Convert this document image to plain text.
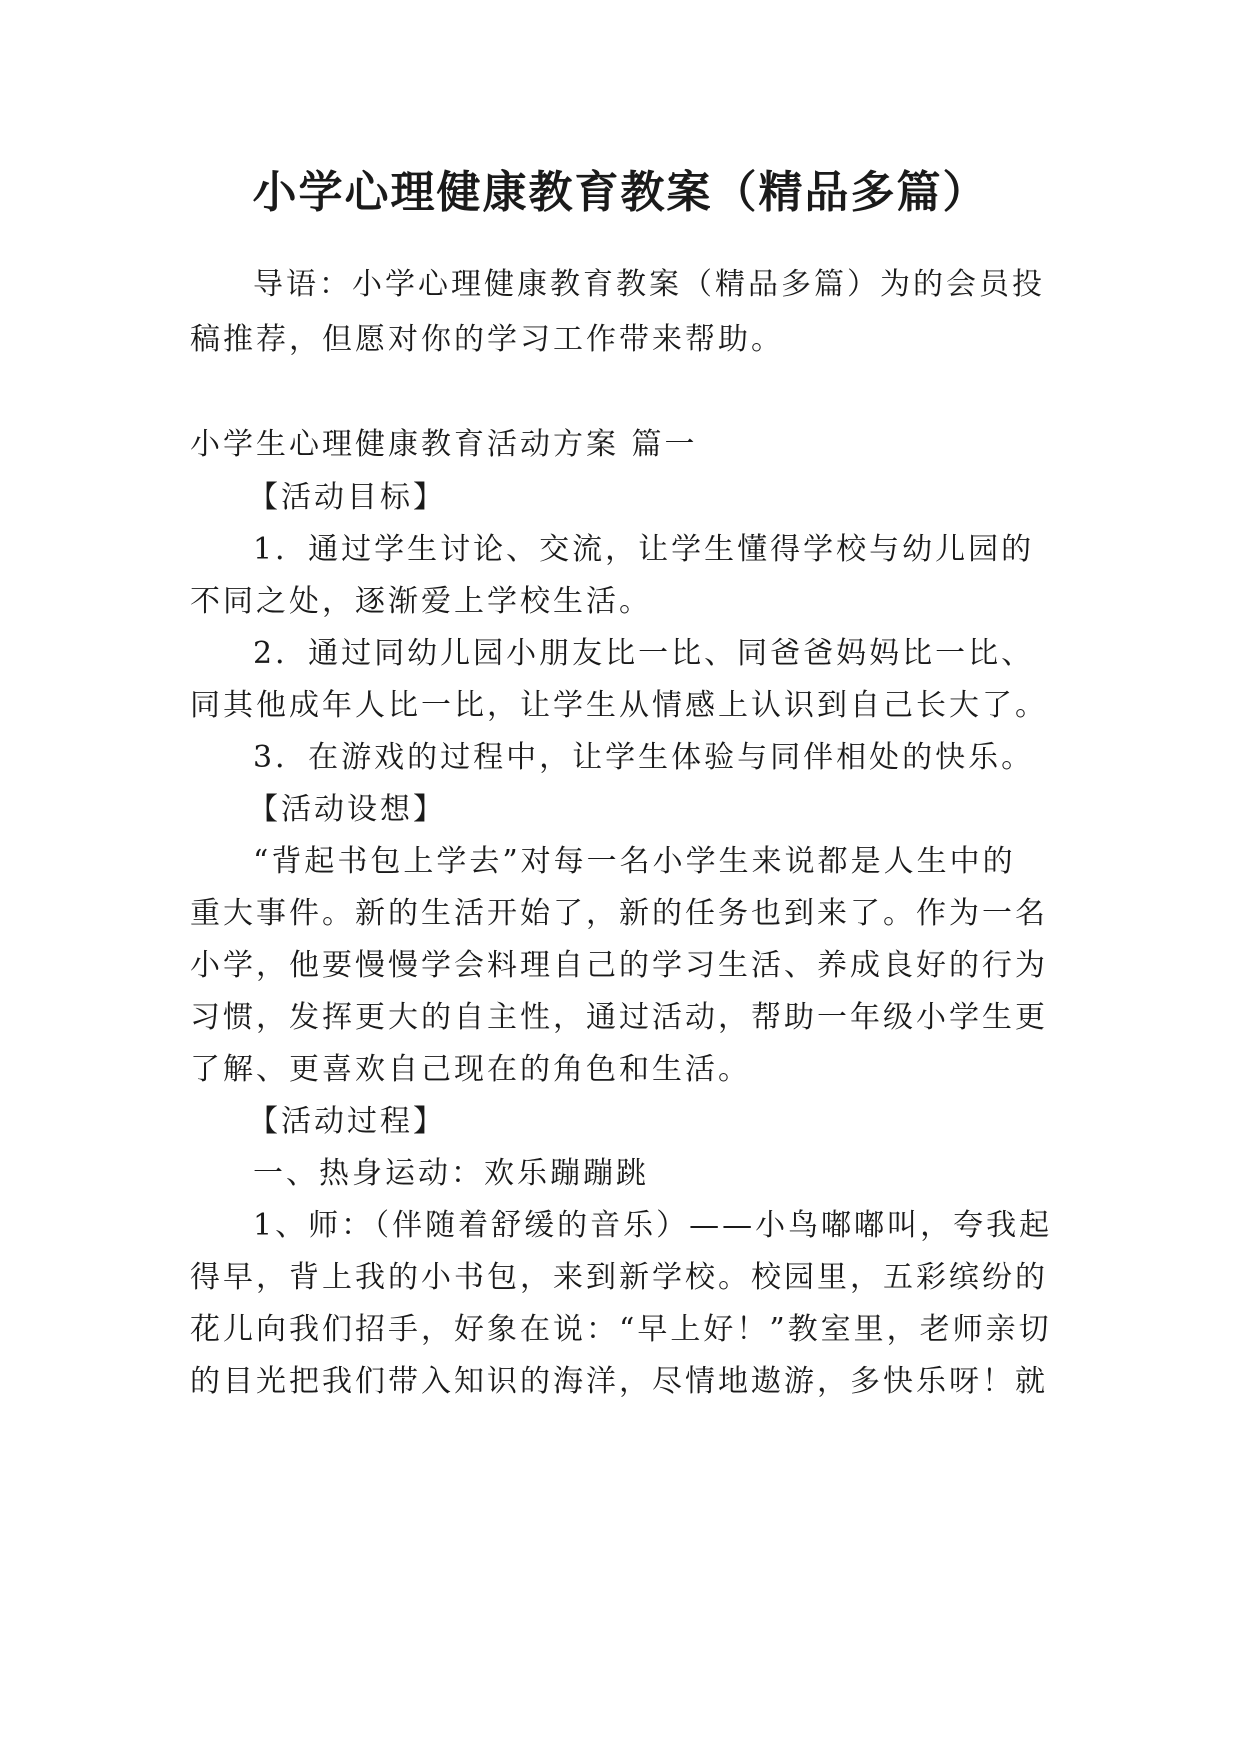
小学心理健康教育教案（精品多篇）

导语：小学心理健康教育教案（精品多篇）为的会员投

稿推荐，但愿对你的学习工作带来帮助。

小学生心理健康教育活动方案 篇一

【活动目标】

1．通过学生讨论、交流，让学生懂得学校与幼儿园的

不同之处，逐渐爱上学校生活。

2．通过同幼儿园小朋友比一比、同爸爸妈妈比一比、

同其他成年人比一比，让学生从情感上认识到自己长大了。

3．在游戏的过程中，让学生体验与同伴相处的快乐。

【活动设想】

“背起书包上学去”对每一名小学生来说都是人生中的

重大事件。新的生活开始了，新的任务也到来了。作为一名

小学，他要慢慢学会料理自己的学习生活、养成良好的行为

习惯，发挥更大的自主性，通过活动，帮助一年级小学生更

了解、更喜欢自己现在的角色和生活。

【活动过程】

一、热身运动：欢乐蹦蹦跳

1、师：（伴随着舒缓的音乐）——小鸟嘟嘟叫，夸我起

得早，背上我的小书包，来到新学校。校园里，五彩缤纷的

花儿向我们招手，好象在说：“早上好！”教室里，老师亲切

的目光把我们带入知识的海洋，尽情地遨游，多快乐呀！就
